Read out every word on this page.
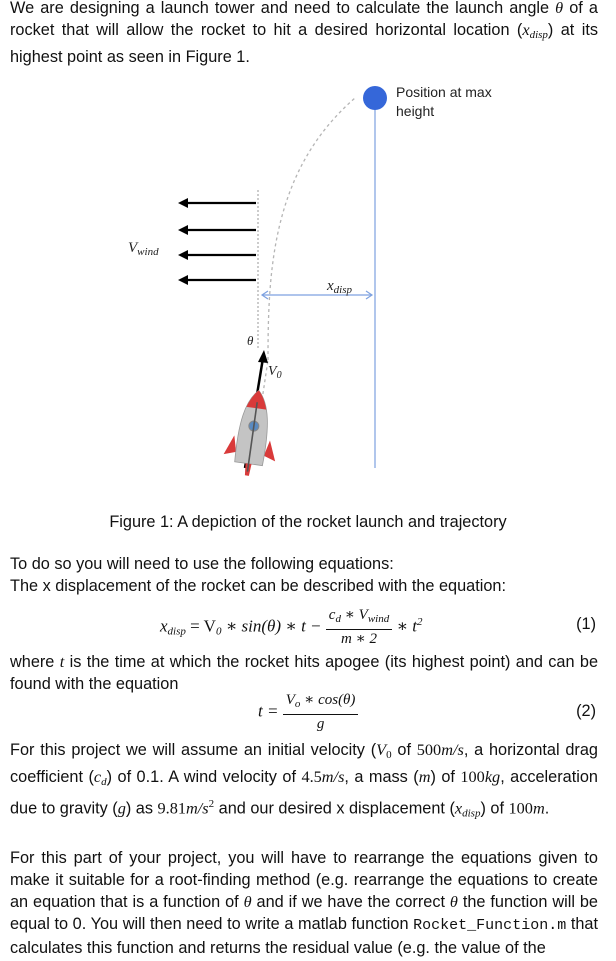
We are designing a launch tower and need to calculate the launch angle θ of a rocket that will allow the rocket to hit a desired horizontal location $(x_{disp})$ at its highest point as seen in Figure 1.

Position at max
height
$V_{wind}$
$x_{disp}$
θ
$V_0$
Figure 1: A depiction of the rocket launch and trajectory

To do so you will need to use the following equations:
The x displacement of the rocket can be described with the equation:

$x_{disp} = V_0$ ∗ sin(θ) ∗ $t - \frac{c_d ∗ V_{wind}}{m ∗ 2}$ ∗ $t^2$	(1)

where t is the time at which the rocket hits apogee (its highest point) and can be found with the equation

$t = \frac{V_o ∗ \cos(\theta)}{g}$	(2)

For this project we will assume an initial velocity ($V_0$ of 500m/s, a horizontal drag coefficient $(c_d)$ of 0.1. A wind velocity of 4.5m/s, a mass (m) of 100kg, acceleration due to gravity (g) as $9.81m/s^2$ and our desired x displacement $(x_{disp})$ of 100m.

For this part of your project, you will have to rearrange the equations given to make it suitable for a root-finding method (e.g. rearrange the equations to create an equation that is a function of θ and if we have the correct θ the function will be equal to 0. You will then need to write a matlab function Rocket_Function.m that calculates this function and returns the residual value (e.g. the value of the
